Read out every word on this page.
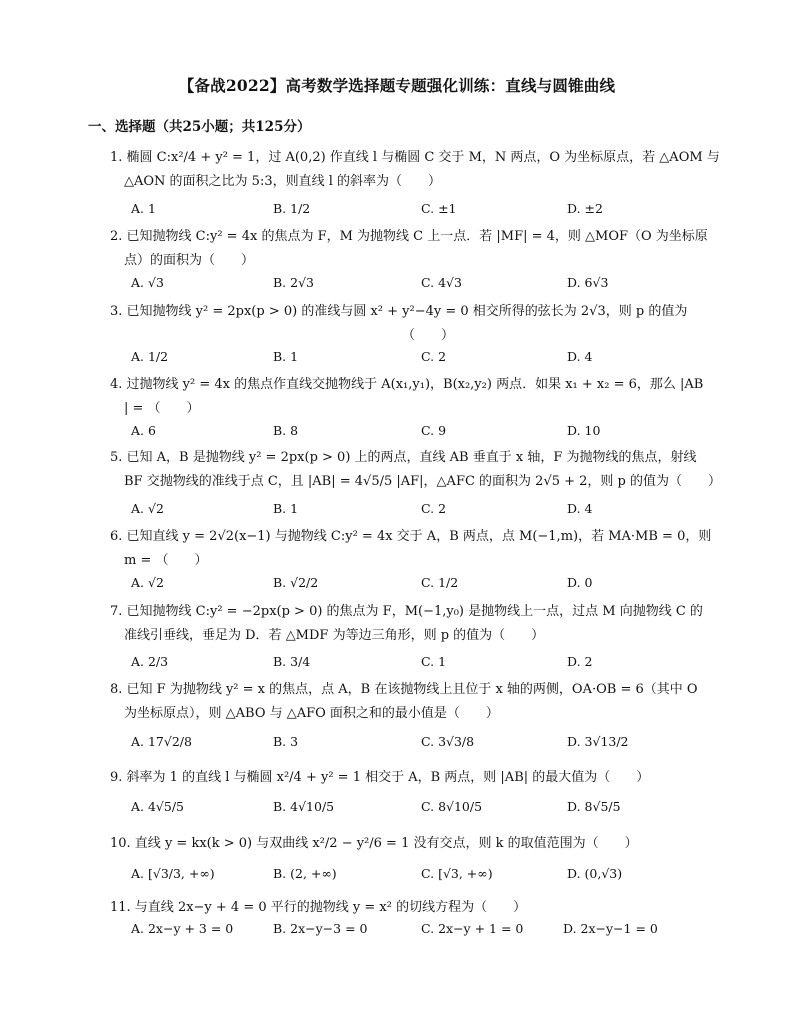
【备战2022】高考数学选择题专题强化训练：直线与圆锥曲线
一、选择题（共25小题；共125分）
1. 椭圆 C:x²/4 + y² = 1，过 A(0,2) 作直线 l 与椭圆 C 交于 M，N 两点，O 为坐标原点，若 △AOM 与
△AON 的面积之比为 5:3，则直线 l 的斜率为（　　）
A. 1	B. 1/2	C. ±1	D. ±2
2. 已知抛物线 C:y² = 4x 的焦点为 F，M 为抛物线 C 上一点．若 |MF| = 4，则 △MOF（O 为坐标原
点）的面积为（　　）
A. √3	B. 2√3	C. 4√3	D. 6√3
3. 已知抛物线 y² = 2px(p > 0) 的准线与圆 x² + y²−4y = 0 相交所得的弦长为 2√3，则 p 的值为
（　　）
A. 1/2	B. 1	C. 2	D. 4
4. 过抛物线 y² = 4x 的焦点作直线交抛物线于 A(x₁,y₁)，B(x₂,y₂) 两点．如果 x₁ + x₂ = 6，那么 |AB
| = （　　）
A. 6	B. 8	C. 9	D. 10
5. 已知 A，B 是抛物线 y² = 2px(p > 0) 上的两点，直线 AB 垂直于 x 轴，F 为抛物线的焦点，射线
BF 交抛物线的准线于点 C，且 |AB| = 4√5/5 |AF|，△AFC 的面积为 2√5 + 2，则 p 的值为（　　）
A. √2	B. 1	C. 2	D. 4
6. 已知直线 y = 2√2(x−1) 与抛物线 C:y² = 4x 交于 A，B 两点，点 M(−1,m)，若 MA·MB = 0，则
m = （　　）
A. √2	B. √2/2	C. 1/2	D. 0
7. 已知抛物线 C:y² = −2px(p > 0) 的焦点为 F，M(−1,y₀) 是抛物线上一点，过点 M 向抛物线 C 的
准线引垂线，垂足为 D．若 △MDF 为等边三角形，则 p 的值为（　　）
A. 2/3	B. 3/4	C. 1	D. 2
8. 已知 F 为抛物线 y² = x 的焦点，点 A，B 在该抛物线上且位于 x 轴的两侧，OA·OB = 6（其中 O
为坐标原点），则 △ABO 与 △AFO 面积之和的最小值是（　　）
A. 17√2/8	B. 3	C. 3√3/8	D. 3√13/2
9. 斜率为 1 的直线 l 与椭圆 x²/4 + y² = 1 相交于 A，B 两点，则 |AB| 的最大值为（　　）
A. 4√5/5	B. 4√10/5	C. 8√10/5	D. 8√5/5
10. 直线 y = kx(k > 0) 与双曲线 x²/2 − y²/6 = 1 没有交点，则 k 的取值范围为（　　）
A. [√3/3, +∞)	B. (2, +∞)	C. [√3, +∞)	D. (0,√3)
11. 与直线 2x−y + 4 = 0 平行的抛物线 y = x² 的切线方程为（　　）
A. 2x−y + 3 = 0	B. 2x−y−3 = 0	C. 2x−y + 1 = 0	D. 2x−y−1 = 0
